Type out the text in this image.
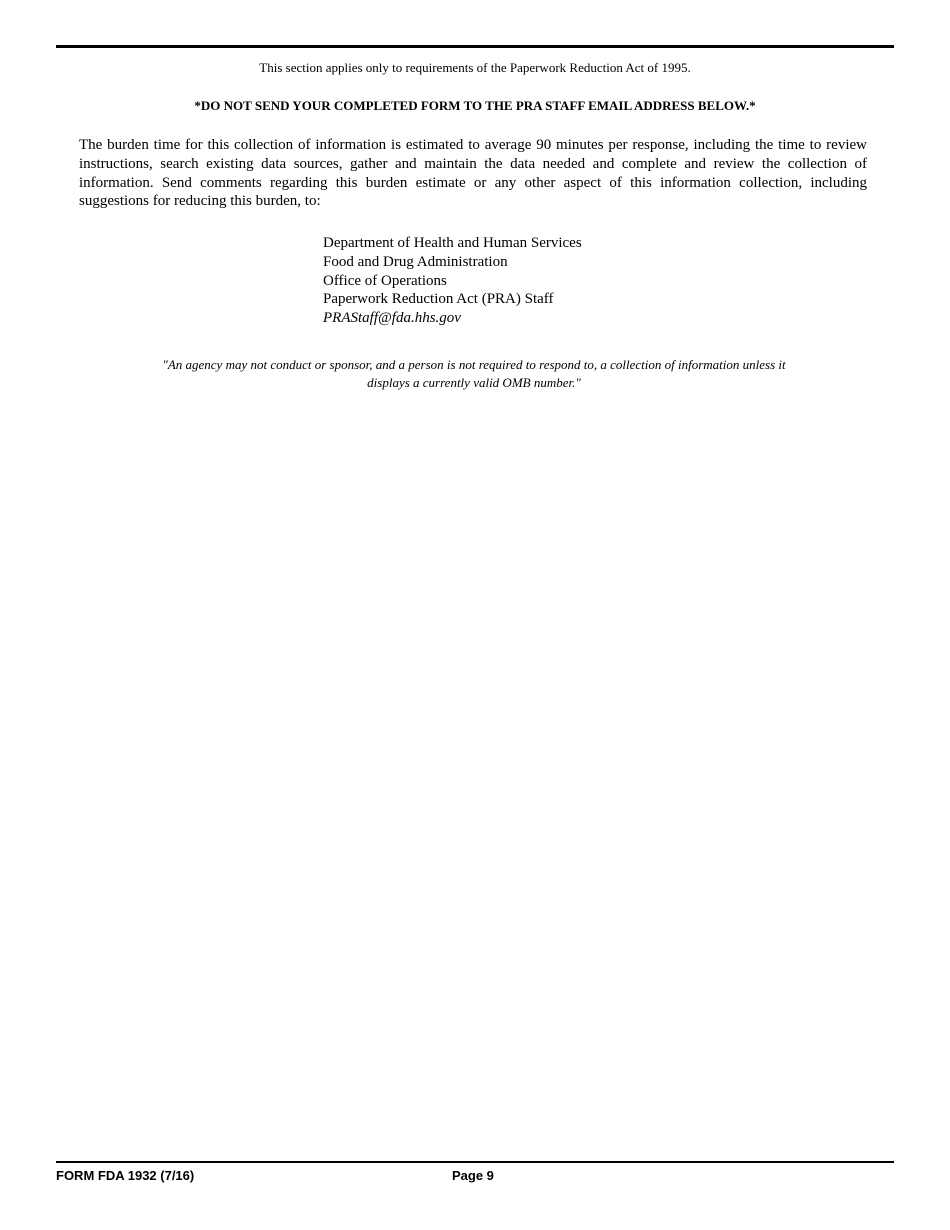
This section applies only to requirements of the Paperwork Reduction Act of 1995.
*DO NOT SEND YOUR COMPLETED FORM TO THE PRA STAFF EMAIL ADDRESS BELOW.*
The burden time for this collection of information is estimated to average 90 minutes per response, including the time to review instructions, search existing data sources, gather and maintain the data needed and complete and review the collection of information. Send comments regarding this burden estimate or any other aspect of this information collection, including suggestions for reducing this burden, to:
Department of Health and Human Services
Food and Drug Administration
Office of Operations
Paperwork Reduction Act (PRA) Staff
PRAStaff@fda.hhs.gov
"An agency may not conduct or sponsor, and a person is not required to respond to, a collection of information unless it displays a currently valid OMB number."
FORM FDA 1932 (7/16)	Page 9
